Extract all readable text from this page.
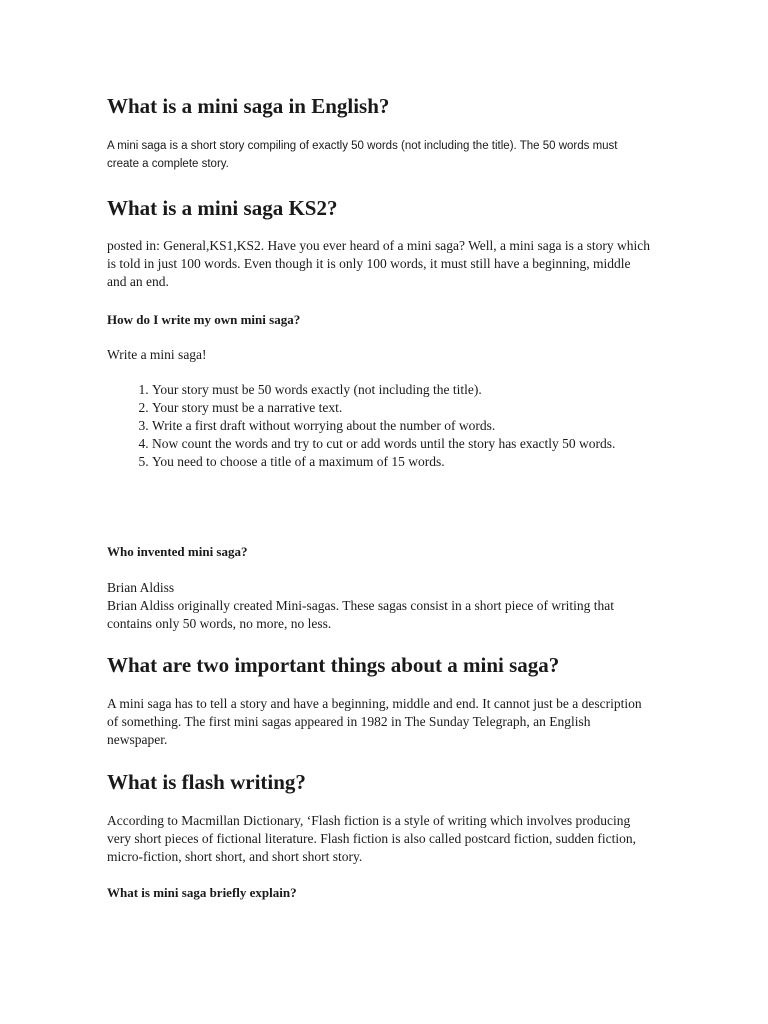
What is a mini saga in English?

A mini saga is a short story compiling of exactly 50 words (not including the title). The 50 words must create a complete story.

What is a mini saga KS2?

posted in: General,KS1,KS2. Have you ever heard of a mini saga? Well, a mini saga is a story which is told in just 100 words. Even though it is only 100 words, it must still have a beginning, middle and an end.

How do I write my own mini saga?

Write a mini saga!

1. Your story must be 50 words exactly (not including the title).
2. Your story must be a narrative text.
3. Write a first draft without worrying about the number of words.
4. Now count the words and try to cut or add words until the story has exactly 50 words.
5. You need to choose a title of a maximum of 15 words.
Who invented mini saga?

Brian Aldiss

Brian Aldiss originally created Mini-sagas. These sagas consist in a short piece of writing that contains only 50 words, no more, no less.

What are two important things about a mini saga?

A mini saga has to tell a story and have a beginning, middle and end. It cannot just be a description of something. The first mini sagas appeared in 1982 in The Sunday Telegraph, an English newspaper.

What is flash writing?

According to Macmillan Dictionary, ‘Flash fiction is a style of writing which involves producing very short pieces of fictional literature. Flash fiction is also called postcard fiction, sudden fiction, micro-fiction, short short, and short short story.

What is mini saga briefly explain?
